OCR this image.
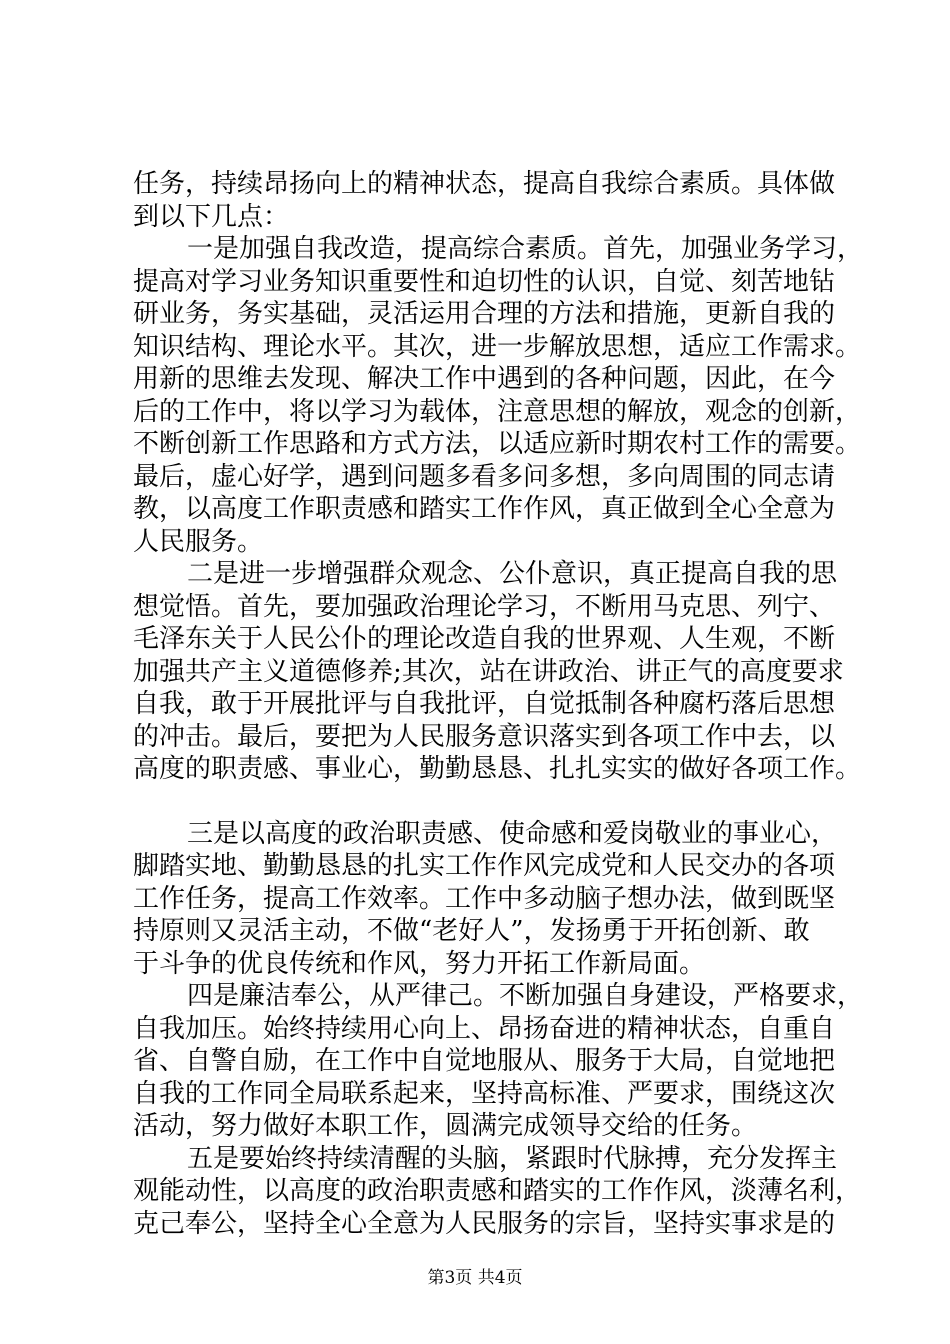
任务，持续昂扬向上的精神状态，提高自我综合素质。具体做
到以下几点：
一是加强自我改造，提高综合素质。首先，加强业务学习，
提高对学习业务知识重要性和迫切性的认识，自觉、刻苦地钻
研业务，务实基础，灵活运用合理的方法和措施，更新自我的
知识结构、理论水平。其次，进一步解放思想，适应工作需求。
用新的思维去发现、解决工作中遇到的各种问题，因此，在今
后的工作中，将以学习为载体，注意思想的解放，观念的创新，
不断创新工作思路和方式方法，以适应新时期农村工作的需要。
最后，虚心好学，遇到问题多看多问多想，多向周围的同志请
教，以高度工作职责感和踏实工作作风，真正做到全心全意为
人民服务。
二是进一步增强群众观念、公仆意识，真正提高自我的思
想觉悟。首先，要加强政治理论学习，不断用马克思、列宁、
毛泽东关于人民公仆的理论改造自我的世界观、人生观，不断
加强共产主义道德修养;其次，站在讲政治、讲正气的高度要求
自我，敢于开展批评与自我批评，自觉抵制各种腐朽落后思想
的冲击。最后，要把为人民服务意识落实到各项工作中去，以
高度的职责感、事业心，勤勤恳恳、扎扎实实的做好各项工作。
三是以高度的政治职责感、使命感和爱岗敬业的事业心，
脚踏实地、勤勤恳恳的扎实工作作风完成党和人民交办的各项
工作任务，提高工作效率。工作中多动脑子想办法，做到既坚
持原则又灵活主动，不做“老好人”，发扬勇于开拓创新、敢
于斗争的优良传统和作风，努力开拓工作新局面。
四是廉洁奉公，从严律己。不断加强自身建设，严格要求，
自我加压。始终持续用心向上、昂扬奋进的精神状态，自重自
省、自警自励，在工作中自觉地服从、服务于大局，自觉地把
自我的工作同全局联系起来，坚持高标准、严要求，围绕这次
活动，努力做好本职工作，圆满完成领导交给的任务。
五是要始终持续清醒的头脑，紧跟时代脉搏，充分发挥主
观能动性，以高度的政治职责感和踏实的工作作风，淡薄名利，
克己奉公，坚持全心全意为人民服务的宗旨，坚持实事求是的
第3页 共4页
